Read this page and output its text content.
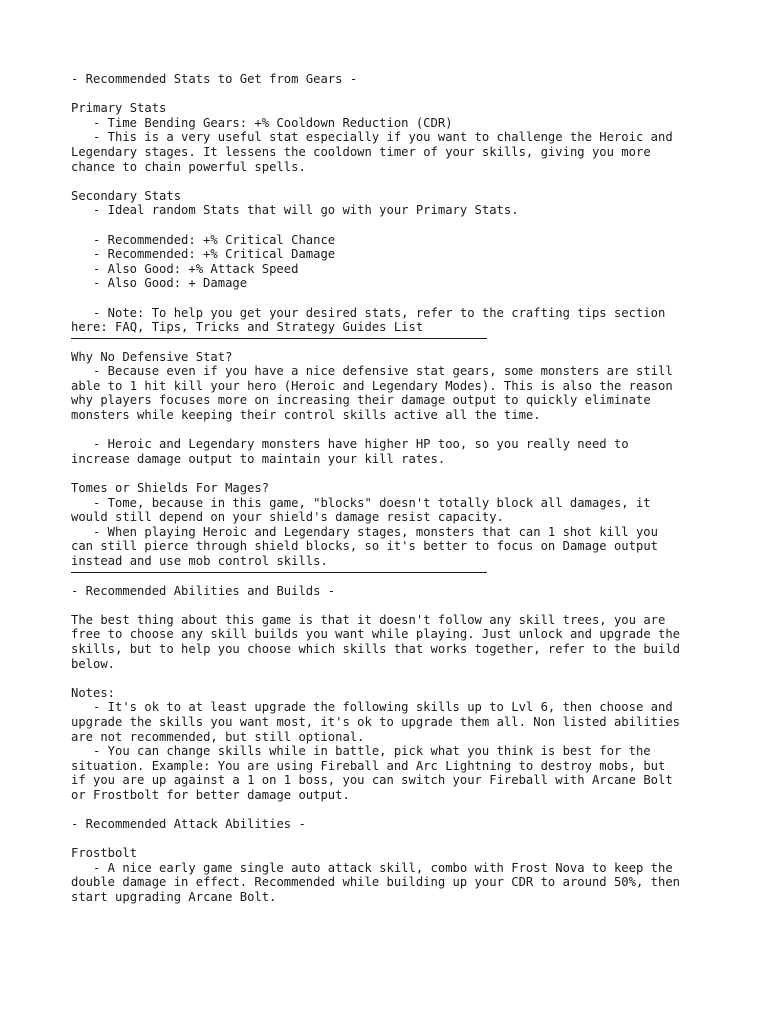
- Recommended Stats to Get from Gears -
Primary Stats
- Time Bending Gears: +% Cooldown Reduction (CDR)
- This is a very useful stat especially if you want to challenge the Heroic and
Legendary stages. It lessens the cooldown timer of your skills, giving you more
chance to chain powerful spells.
Secondary Stats
- Ideal random Stats that will go with your Primary Stats.
- Recommended: +% Critical Chance
- Recommended: +% Critical Damage
- Also Good: +% Attack Speed
- Also Good: + Damage
- Note: To help you get your desired stats, refer to the crafting tips section
here: FAQ, Tips, Tricks and Strategy Guides List
Why No Defensive Stat?
- Because even if you have a nice defensive stat gears, some monsters are still
able to 1 hit kill your hero (Heroic and Legendary Modes). This is also the reason
why players focuses more on increasing their damage output to quickly eliminate
monsters while keeping their control skills active all the time.
- Heroic and Legendary monsters have higher HP too, so you really need to
increase damage output to maintain your kill rates.
Tomes or Shields For Mages?
- Tome, because in this game, "blocks" doesn't totally block all damages, it
would still depend on your shield's damage resist capacity.
- When playing Heroic and Legendary stages, monsters that can 1 shot kill you
can still pierce through shield blocks, so it's better to focus on Damage output
instead and use mob control skills.
- Recommended Abilities and Builds -
The best thing about this game is that it doesn't follow any skill trees, you are
free to choose any skill builds you want while playing. Just unlock and upgrade the
skills, but to help you choose which skills that works together, refer to the build
below.
Notes:
- It's ok to at least upgrade the following skills up to Lvl 6, then choose and
upgrade the skills you want most, it's ok to upgrade them all. Non listed abilities
are not recommended, but still optional.
- You can change skills while in battle, pick what you think is best for the
situation. Example: You are using Fireball and Arc Lightning to destroy mobs, but
if you are up against a 1 on 1 boss, you can switch your Fireball with Arcane Bolt
or Frostbolt for better damage output.
- Recommended Attack Abilities -
Frostbolt
- A nice early game single auto attack skill, combo with Frost Nova to keep the
double damage in effect. Recommended while building up your CDR to around 50%, then
start upgrading Arcane Bolt.
